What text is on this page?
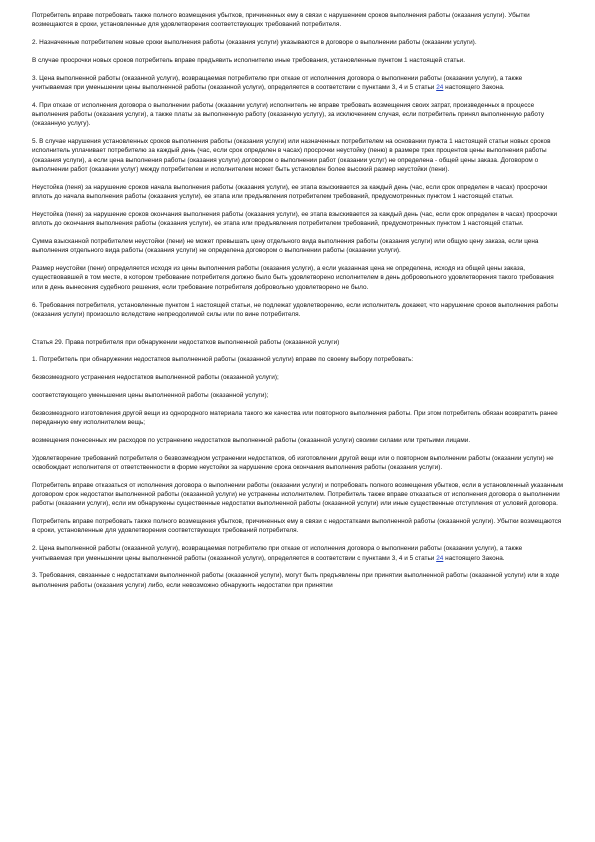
Потребитель вправе потребовать также полного возмещения убытков, причиненных ему в связи с нарушением сроков выполнения работы (оказания услуги). Убытки возмещаются в сроки, установленные для удовлетворения соответствующих требований потребителя.

2. Назначенные потребителем новые сроки выполнения работы (оказания услуги) указываются в договоре о выполнении работы (оказании услуги).

В случае просрочки новых сроков потребитель вправе предъявить исполнителю иные требования, установленные пунктом 1 настоящей статьи.

3. Цена выполненной работы (оказанной услуги), возвращаемая потребителю при отказе от исполнения договора о выполнении работы (оказании услуги), а также учитываемая при уменьшении цены выполненной работы (оказанной услуги), определяется в соответствии с пунктами 3, 4 и 5 статьи 24 настоящего Закона.

4. При отказе от исполнения договора о выполнении работы (оказании услуги) исполнитель не вправе требовать возмещения своих затрат, произведенных в процессе выполнения работы (оказания услуги), а также платы за выполненную работу (оказанную услугу), за исключением случая, если потребитель принял выполненную работу (оказанную услугу).

5. В случае нарушения установленных сроков выполнения работы (оказания услуги) или назначенных потребителем на основании пункта 1 настоящей статьи новых сроков исполнитель уплачивает потребителю за каждый день (час, если срок определен в часах) просрочки неустойку (пеню) в размере трех процентов цены выполнения работы (оказания услуги), а если цена выполнения работы (оказания услуги) договором о выполнении работ (оказании услуг) не определена - общей цены заказа. Договором о выполнении работ (оказании услуг) между потребителем и исполнителем может быть установлен более высокий размер неустойки (пени).

Неустойка (пеня) за нарушение сроков начала выполнения работы (оказания услуги), ее этапа взыскивается за каждый день (час, если срок определен в часах) просрочки вплоть до начала выполнения работы (оказания услуги), ее этапа или предъявления потребителем требований, предусмотренных пунктом 1 настоящей статьи.

Неустойка (пеня) за нарушение сроков окончания выполнения работы (оказания услуги), ее этапа взыскивается за каждый день (час, если срок определен в часах) просрочки вплоть до окончания выполнения работы (оказания услуги), ее этапа или предъявления потребителем требований, предусмотренных пунктом 1 настоящей статьи.

Сумма взысканной потребителем неустойки (пени) не может превышать цену отдельного вида выполнения работы (оказания услуги) или общую цену заказа, если цена выполнения отдельного вида работы (оказания услуги) не определена договором о выполнении работы (оказании услуги).

Размер неустойки (пени) определяется исходя из цены выполнения работы (оказания услуги), а если указанная цена не определена, исходя из общей цены заказа, существовавшей в том месте, в котором требование потребителя должно было быть удовлетворено исполнителем в день добровольного удовлетворения такого требования или в день вынесения судебного решения, если требование потребителя добровольно удовлетворено не было.

6. Требования потребителя, установленные пунктом 1 настоящей статьи, не подлежат удовлетворению, если исполнитель докажет, что нарушение сроков выполнения работы (оказания услуги) произошло вследствие непреодолимой силы или по вине потребителя.

Статья 29. Права потребителя при обнаружении недостатков выполненной работы (оказанной услуги)

1. Потребитель при обнаружении недостатков выполненной работы (оказанной услуги) вправе по своему выбору потребовать:

безвозмездного устранения недостатков выполненной работы (оказанной услуги);

соответствующего уменьшения цены выполненной работы (оказанной услуги);

безвозмездного изготовления другой вещи из однородного материала такого же качества или повторного выполнения работы. При этом потребитель обязан возвратить ранее переданную ему исполнителем вещь;

возмещения понесенных им расходов по устранению недостатков выполненной работы (оказанной услуги) своими силами или третьими лицами.

Удовлетворение требований потребителя о безвозмездном устранении недостатков, об изготовлении другой вещи или о повторном выполнении работы (оказании услуги) не освобождает исполнителя от ответственности в форме неустойки за нарушение срока окончания выполнения работы (оказания услуги).

Потребитель вправе отказаться от исполнения договора о выполнении работы (оказании услуги) и потребовать полного возмещения убытков, если в установленный указанным договором срок недостатки выполненной работы (оказанной услуги) не устранены исполнителем. Потребитель также вправе отказаться от исполнения договора о выполнении работы (оказании услуги), если им обнаружены существенные недостатки выполненной работы (оказанной услуги) или иные существенные отступления от условий договора.

Потребитель вправе потребовать также полного возмещения убытков, причиненных ему в связи с недостатками выполненной работы (оказанной услуги). Убытки возмещаются в сроки, установленные для удовлетворения соответствующих требований потребителя.

2. Цена выполненной работы (оказанной услуги), возвращаемая потребителю при отказе от исполнения договора о выполнении работы (оказании услуги), а также учитываемая при уменьшении цены выполненной работы (оказанной услуги), определяется в соответствии с пунктами 3, 4 и 5 статьи 24 настоящего Закона.

3. Требования, связанные с недостатками выполненной работы (оказанной услуги), могут быть предъявлены при принятии выполненной работы (оказанной услуги) или в ходе выполнения работы (оказания услуги) либо, если невозможно обнаружить недостатки при принятии
